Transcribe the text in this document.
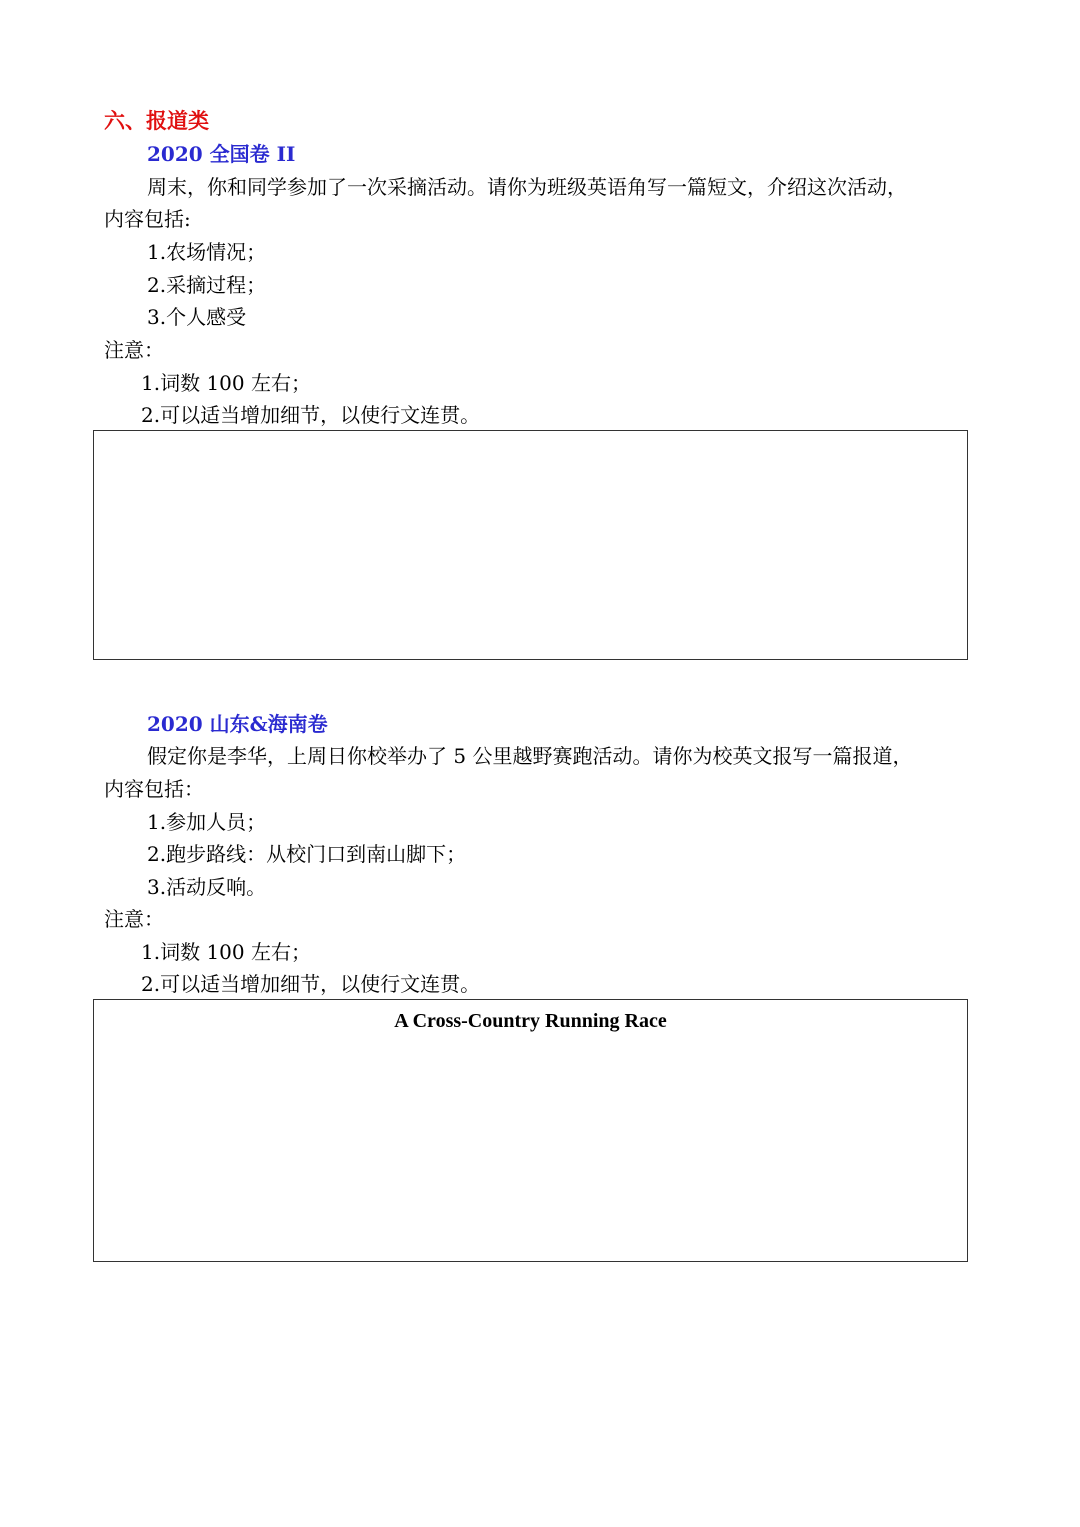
六、报道类
2020 全国卷 II
周末，你和同学参加了一次采摘活动。请你为班级英语角写一篇短文，介绍这次活动，
内容包括:
1.农场情况；
2.采摘过程；
3.个人感受
注意：
1.词数 100 左右；
2.可以适当增加细节，以使行文连贯。
2020 山东&海南卷
假定你是李华，上周日你校举办了 5 公里越野赛跑活动。请你为校英文报写一篇报道，
内容包括：
1.参加人员；
2.跑步路线：从校门口到南山脚下；
3.活动反响。
注意：
1.词数 100 左右；
2.可以适当增加细节，以使行文连贯。
A Cross-Country Running Race
